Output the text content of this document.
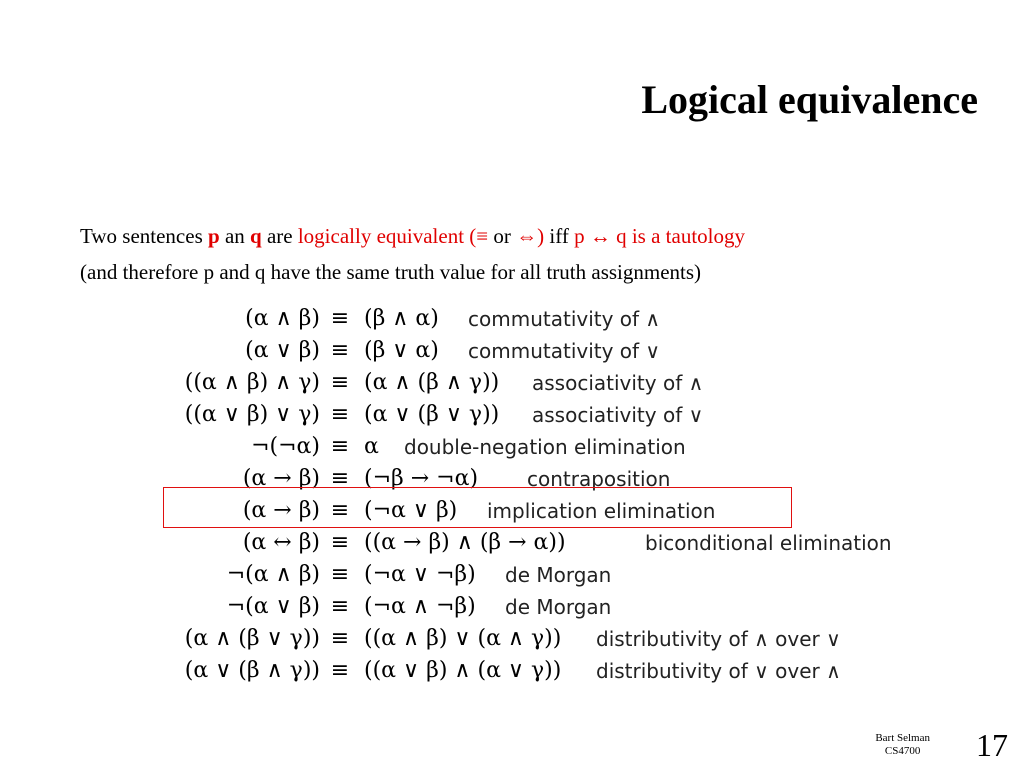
Logical equivalence
Two sentences p an q are logically equivalent (≡ or ⇔) iff p ↔ q is a tautology
(and therefore p and q have the same truth value for all truth assignments)
(α ∧ β) ≡ (β ∧ α) commutativity of ∧
(α ∨ β) ≡ (β ∨ α) commutativity of ∨
((α ∧ β) ∧ γ) ≡ (α ∧ (β ∧ γ)) associativity of ∧
((α ∨ β) ∨ γ) ≡ (α ∨ (β ∨ γ)) associativity of ∨
¬(¬α) ≡ α double-negation elimination
(α → β) ≡ (¬β → ¬α) contraposition
(α → β) ≡ (¬α ∨ β) implication elimination
(α ↔ β) ≡ ((α → β) ∧ (β → α))	biconditional elimination
¬(α ∧ β) ≡ (¬α ∨ ¬β) de Morgan
¬(α ∨ β) ≡ (¬α ∧ ¬β) de Morgan
(α ∧ (β ∨ γ)) ≡ ((α ∧ β) ∨ (α ∧ γ)) distributivity of ∧ over ∨
(α ∨ (β ∧ γ)) ≡ ((α ∨ β) ∧ (α ∨ γ)) distributivity of ∨ over ∧
Bart Selman
CS4700	17
